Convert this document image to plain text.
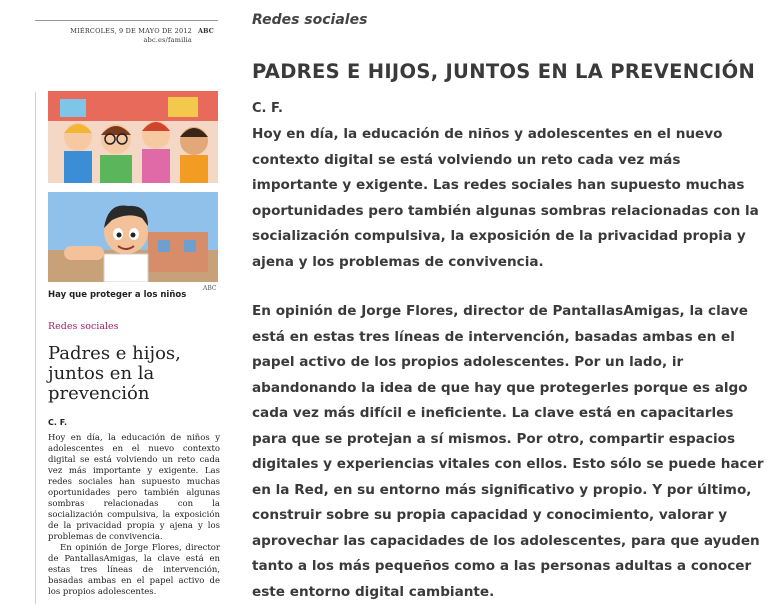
MIÉRCOLES, 9 DE MAYO DE 2012
abc.es/familia
ABC
ABC
Hay que proteger a los niños
Redes sociales
Padres e hijos, juntos en la prevención
C. F.

Hoy en día, la educación de niños y adolescentes en el nuevo contexto digital se está volviendo un reto cada vez más importante y exigente. Las redes sociales han supuesto muchas oportunidades pero también algunas sombras relacionadas con la socialización compulsiva, la exposición de la privacidad propia y ajena y los problemas de convivencia.

En opinión de Jorge Flores, director de PantallasAmigas, la clave está en estas tres líneas de intervención, basadas ambas en el papel activo de los propios adolescentes.

Redes sociales
PADRES E HIJOS, JUNTOS EN LA PREVENCIÓN
C. F.

Hoy en día, la educación de niños y adolescentes en el nuevo contexto digital se está volviendo un reto cada vez más importante y exigente. Las redes sociales han supuesto muchas oportunidades pero también algunas sombras relacionadas con la socialización compulsiva, la exposición de la privacidad propia y ajena y los problemas de convivencia.

En opinión de Jorge Flores, director de PantallasAmigas, la clave está en estas tres líneas de intervención, basadas ambas en el papel activo de los propios adolescentes. Por un lado, ir abandonando la idea de que hay que protegerles porque es algo cada vez más difícil e ineficiente. La clave está en capacitarles para que se protejan a sí mismos. Por otro, compartir espacios digitales y experiencias vitales con ellos. Esto sólo se puede hacer en la Red, en su entorno más significativo y propio. Y por último, construir sobre su propia capacidad y conocimiento, valorar y aprovechar las capacidades de los adolescentes, para que ayuden tanto a los más pequeños como a las personas adultas a conocer este entorno digital cambiante.
